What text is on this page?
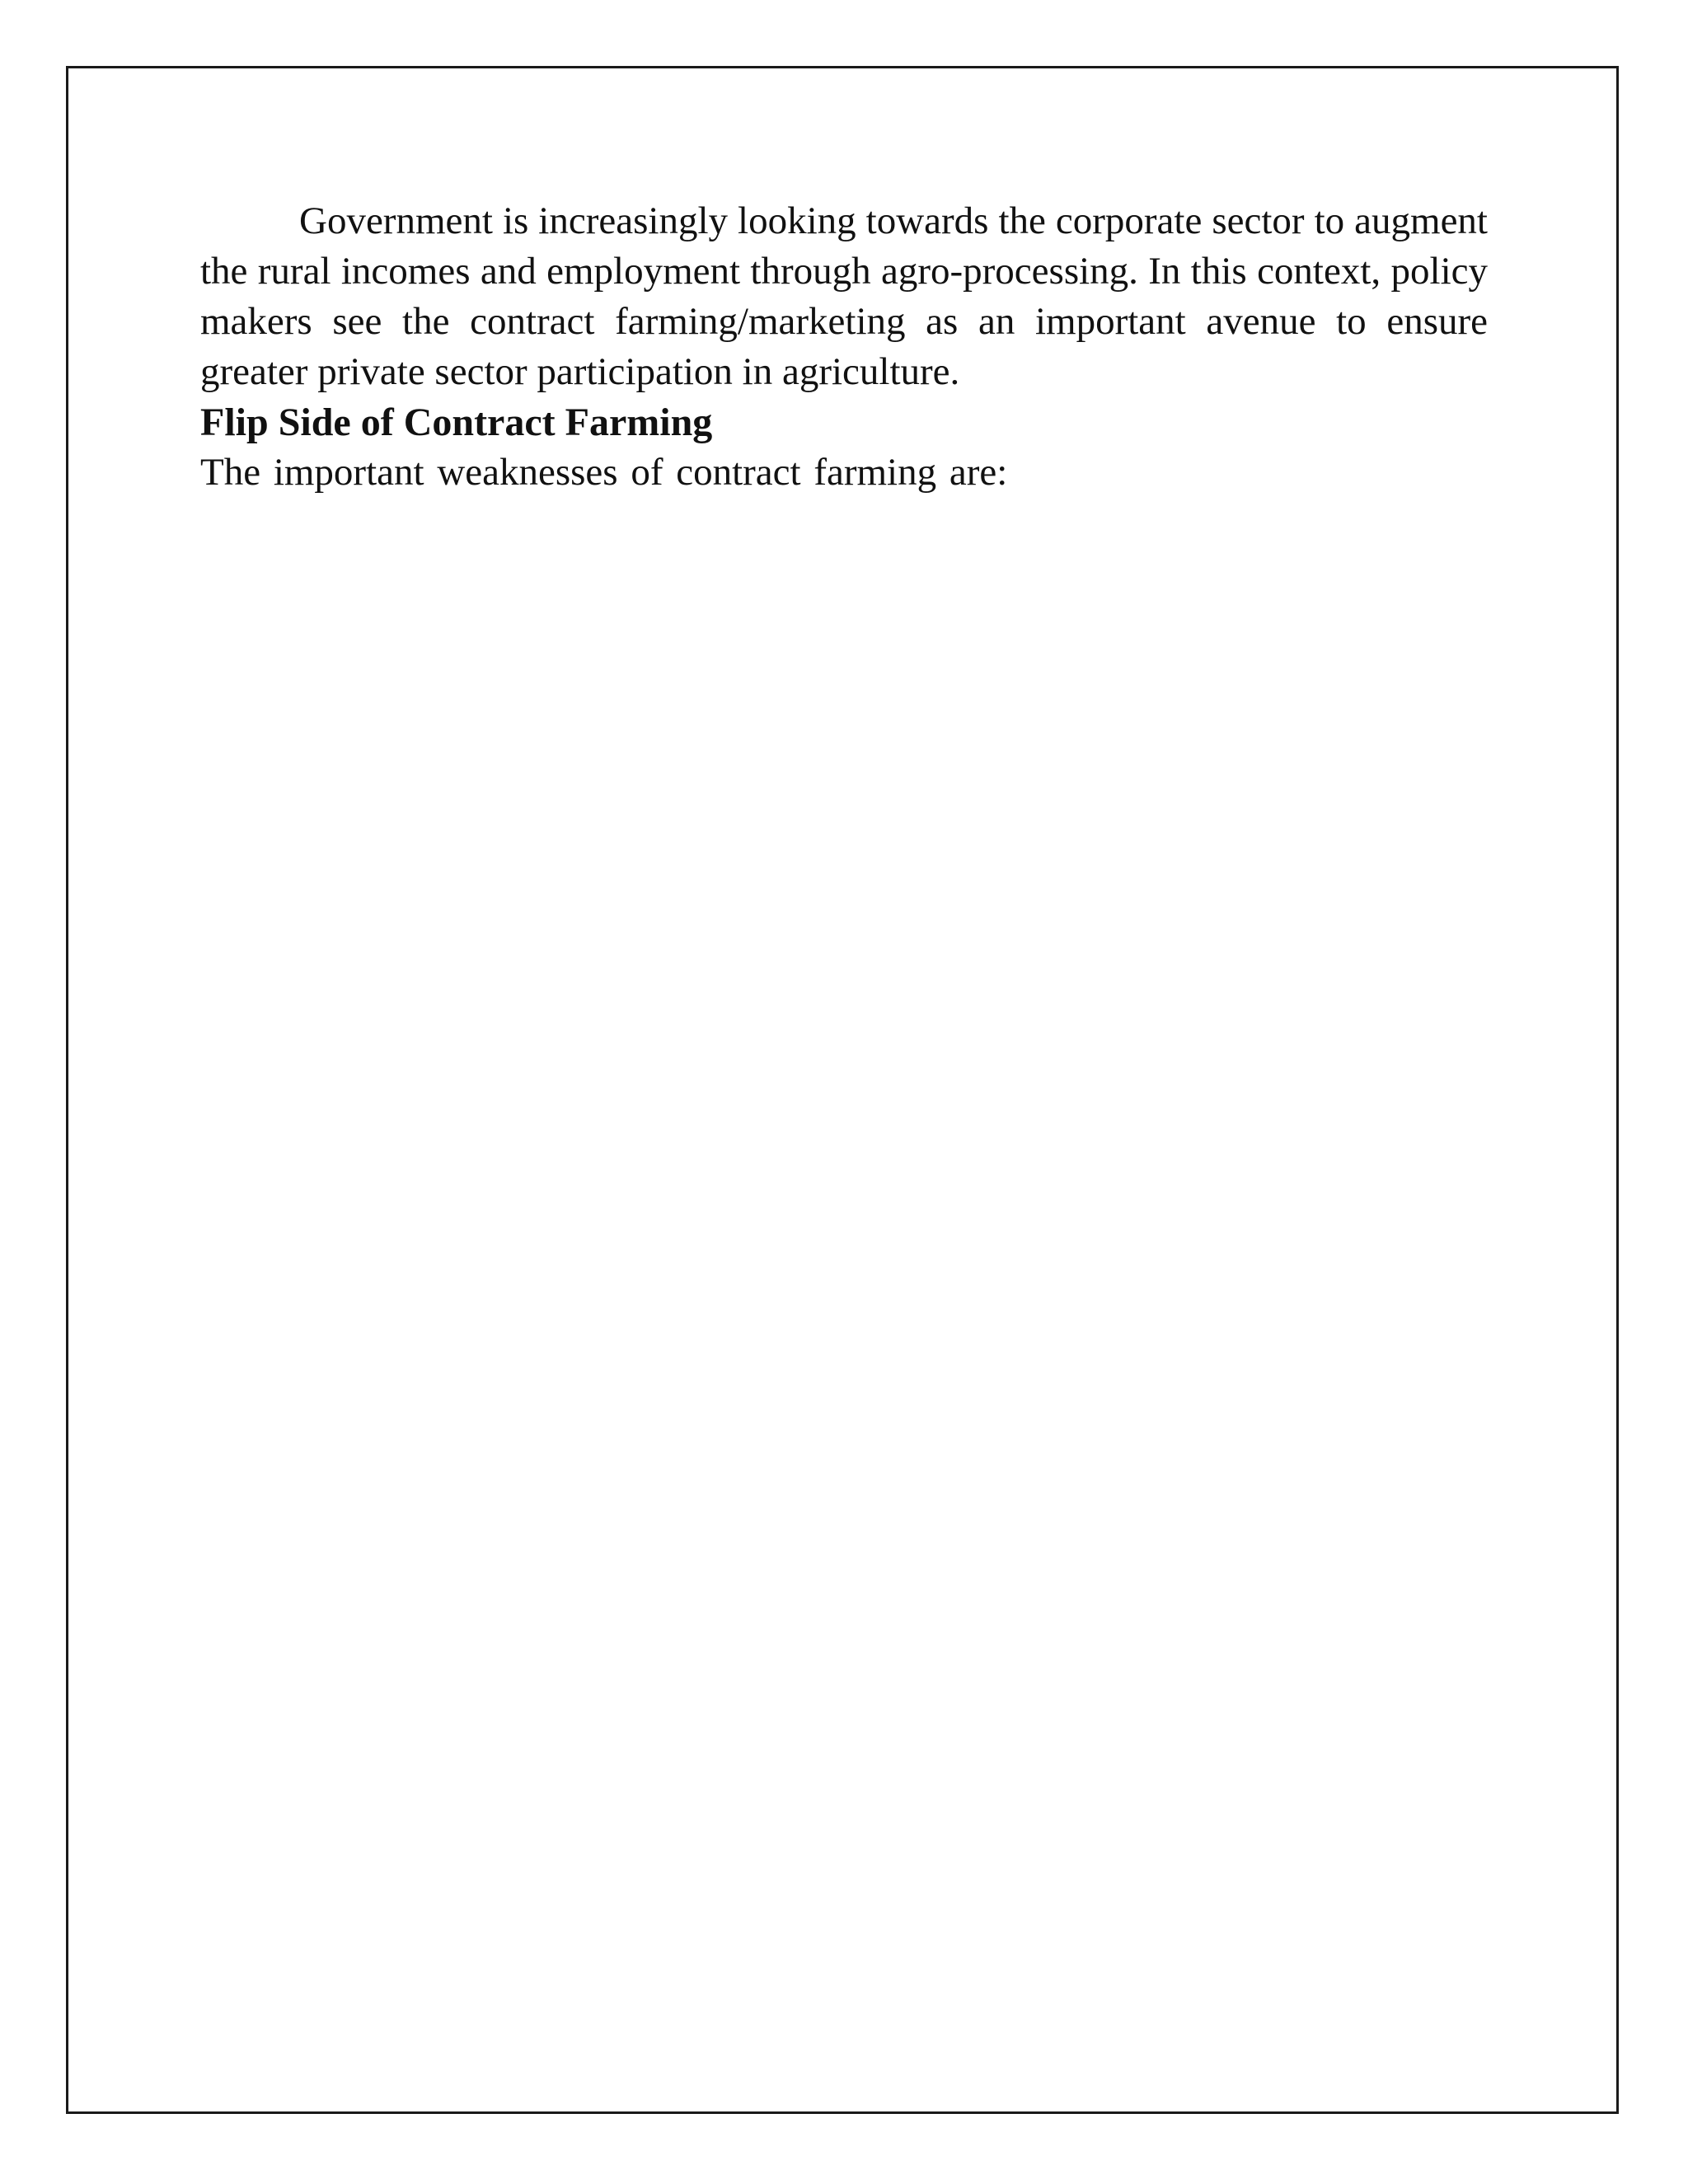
Government is increasingly looking towards the corporate sector to augment the rural incomes and employment through agro-processing. In this context, policy makers see the contract farming/marketing as an important avenue to ensure greater private sector participation in agriculture.

Flip Side of Contract Farming

The important weaknesses of contract farming are:
